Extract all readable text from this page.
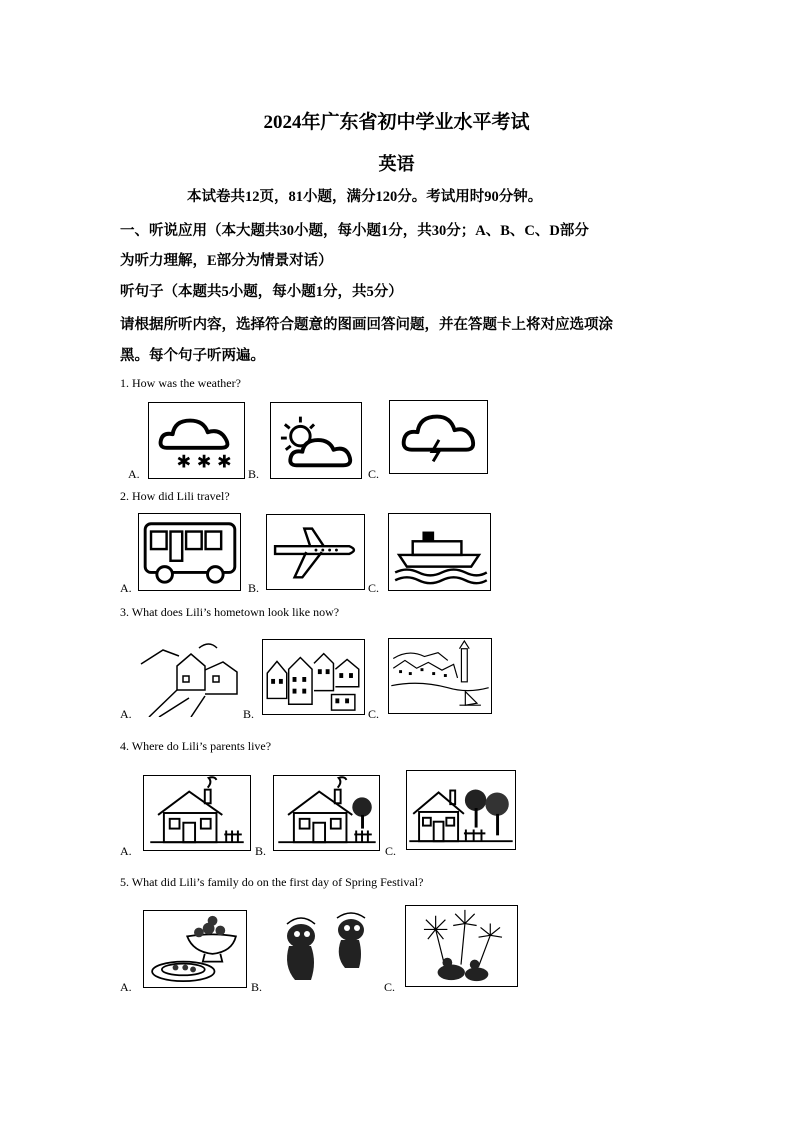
2024年广东省初中学业水平考试
英语

本试卷共12页，81小题，满分120分。考试用时90分钟。

一、听说应用（本大题共30小题，每小题1分，共30分；A、B、C、D部分

为听力理解，E部分为情景对话）

听句子（本题共5小题，每小题1分，共5分）

请根据所听内容，选择符合题意的图画回答问题，并在答题卡上将对应选项涂

黑。每个句子听两遍。

1. How was the weather?

A.
✱ ✱ ✱
B.	C.

2. How did Lili travel?

A.	B.	C.

3. What does Lili’s hometown look like now?

A.	B.	C.

4. Where do Lili’s parents live?

A.	B.	C.

5. What did Lili’s family do on the first day of Spring Festival?

A.	B.	C.
